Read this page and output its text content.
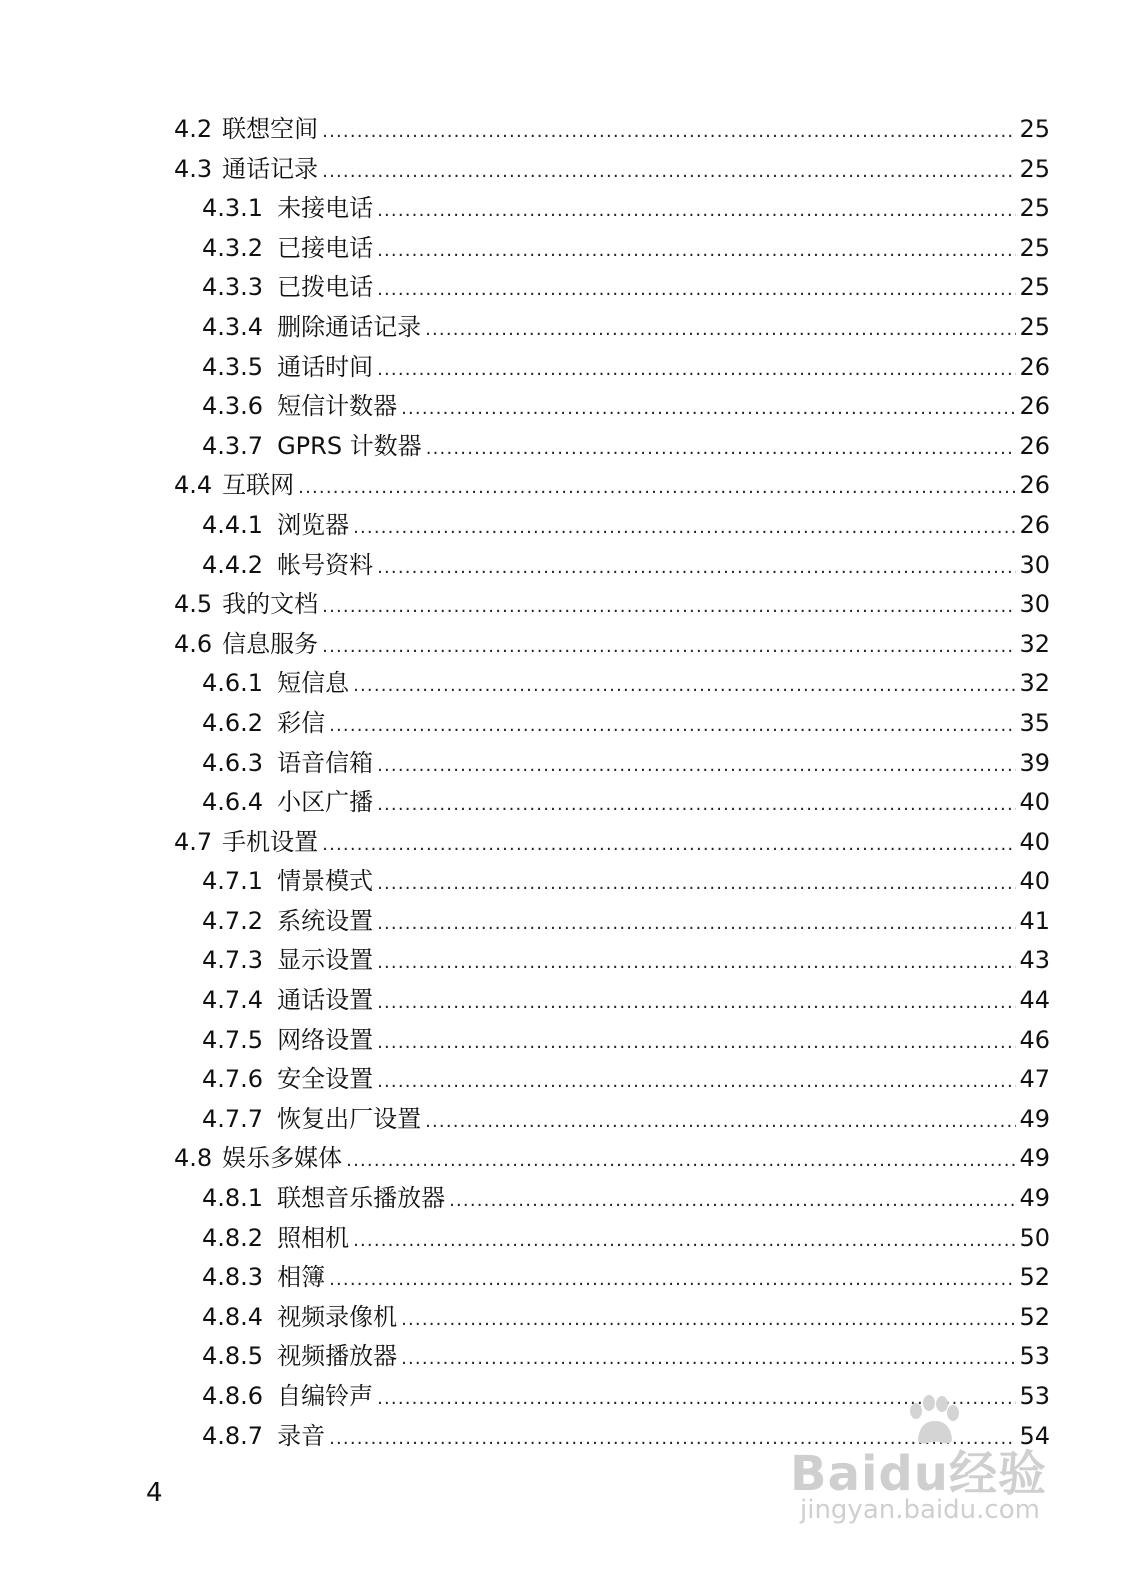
4.2 联想空间 .....	25
4.3 通话记录 .....	25
4.3.1 未接电话 .....	25
4.3.2 已接电话 .....	25
4.3.3 已拨电话 .....	25
4.3.4 删除通话记录 .....	25
4.3.5 通话时间 .....	26
4.3.6 短信计数器 .....	26
4.3.7 GPRS 计数器 .....	26
4.4 互联网 .....	26
4.4.1 浏览器 .....	26
4.4.2 帐号资料 .....	30
4.5 我的文档 .....	30
4.6 信息服务 .....	32
4.6.1 短信息 .....	32
4.6.2 彩信 .....	35
4.6.3 语音信箱 .....	39
4.6.4 小区广播 .....	40
4.7 手机设置 .....	40
4.7.1 情景模式 .....	40
4.7.2 系统设置 .....	41
4.7.3 显示设置 .....	43
4.7.4 通话设置 .....	44
4.7.5 网络设置 .....	46
4.7.6 安全设置 .....	47
4.7.7 恢复出厂设置 .....	49
4.8 娱乐多媒体 .....	49
4.8.1 联想音乐播放器 .....	49
4.8.2 照相机 .....	50
4.8.3 相簿 .....	52
4.8.4 视频录像机 .....	52
4.8.5 视频播放器 .....	53
4.8.6 自编铃声 .....	53
4.8.7 录音 .....	54
4	Baidu经验
jingyan.baidu.com
